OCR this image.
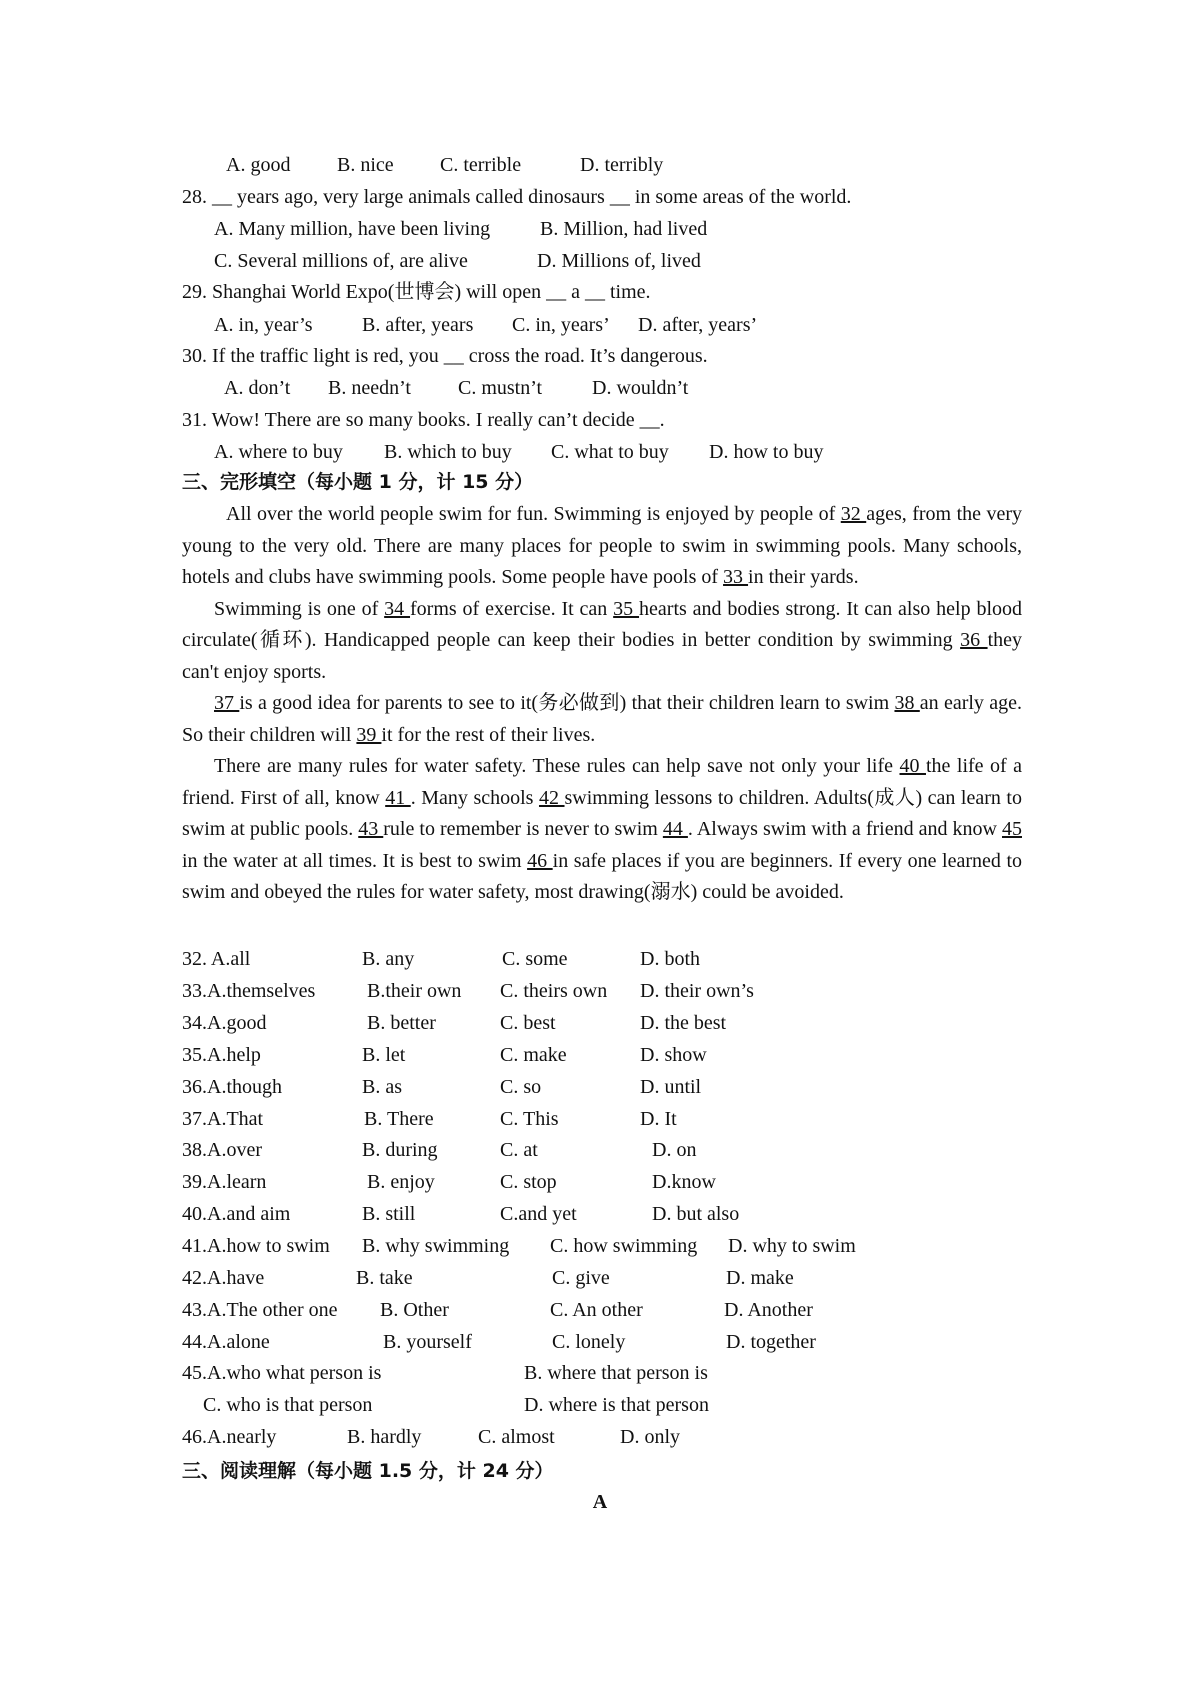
A. good B. nice C. terrible	D. terribly
28. __ years ago, very large animals called dinosaurs __ in some areas of the world.
A. Many million, have been living B. Million, had lived
C. Several millions of, are alive	D. Millions of, lived
29. Shanghai World Expo(世博会) will open __ a __ time.
A. in, year’s B. after, years C. in, years’ D. after, years’
30. If the traffic light is red, you __ cross the road. It’s dangerous.
A. don’t B. needn’t C. mustn’t D. wouldn’t
31. Wow! There are so many books. I really can’t decide __.
A. where to buy B. which to buy C. what to buy D. how to buy
三、完形填空（每小题 1 分，计 15 分）

All over the world people swim for fun. Swimming is enjoyed by people of 32 ages, from the very young to the very old. There are many places for people to swim in swimming pools. Many schools, hotels and clubs have swimming pools. Some people have pools of 33 in their yards.

Swimming is one of 34 forms of exercise. It can 35 hearts and bodies strong. It can also help blood circulate(循环). Handicapped people can keep their bodies in better condition by swimming 36 they can't enjoy sports.

37 is a good idea for parents to see to it(务必做到) that their children learn to swim 38 an early age. So their children will 39 it for the rest of their lives.

There are many rules for water safety. These rules can help save not only your life 40 the life of a friend. First of all, know 41 . Many schools 42 swimming lessons to children. Adults(成人) can learn to swim at public pools. 43 rule to remember is never to swim 44 . Always swim with a friend and know 45 in the water at all times. It is best to swim 46 in safe places if you are beginners. If every one learned to swim and obeyed the rules for water safety, most drawing(溺水) could be avoided.

32. A.all	B. any	C. some	D. both
33.A.themselves	B.their own C. theirs own D. their own’s
34.A.good	B. better	C. best	D. the best
35.A.help	B. let	C. make	D. show
36.A.though	B. as	C. so	D. until
37.A.That	B. There	C. This	D. It
38.A.over	B. during	C. at	D. on
39.A.learn	B. enjoy	C. stop	D.know
40.A.and aim	B. still	C.and yet	D. but also
41.A.how to swim B. why swimming C. how swimming D. why to swim
42.A.have	B. take	C. give	D. make
43.A.The other one B. Other	C. An other	D. Another
44.A.alone	B. yourself	C. lonely	D. together
45.A.who what person is	B. where that person is
C. who is that person	D. where is that person
46.A.nearly	B. hardly	C. almost	D. only
三、阅读理解（每小题 1.5 分，计 24 分）
A
